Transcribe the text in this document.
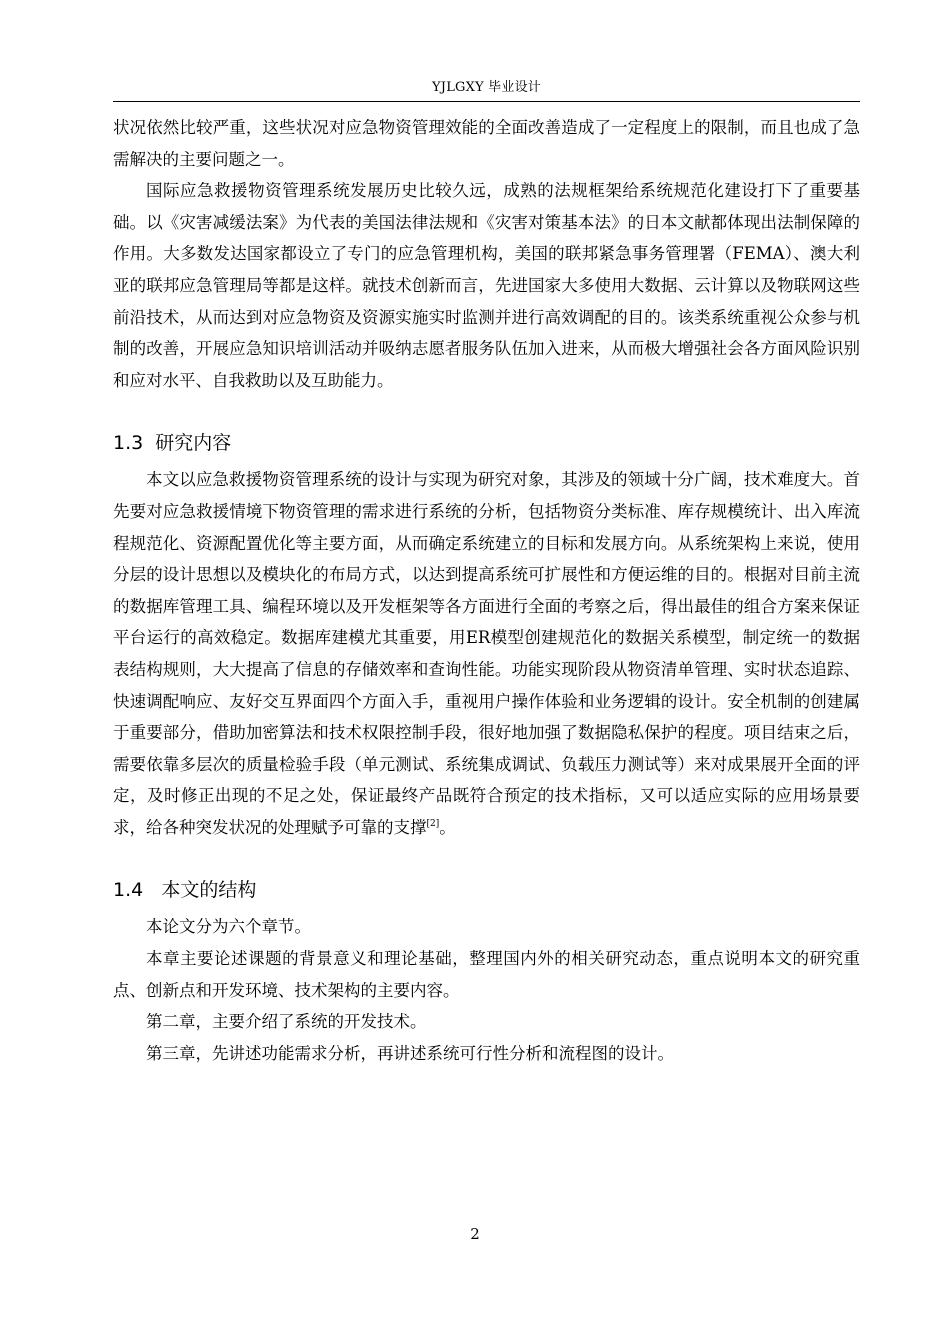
YJLGXY 毕业设计

状况依然比较严重，这些状况对应急物资管理效能的全面改善造成了一定程度上的限制，而且也成了急需解决的主要问题之一。

国际应急救援物资管理系统发展历史比较久远，成熟的法规框架给系统规范化建设打下了重要基础。以《灾害减缓法案》为代表的美国法律法规和《灾害对策基本法》的日本文献都体现出法制保障的作用。大多数发达国家都设立了专门的应急管理机构，美国的联邦紧急事务管理署（FEMA）、澳大利亚的联邦应急管理局等都是这样。就技术创新而言，先进国家大多使用大数据、云计算以及物联网这些前沿技术，从而达到对应急物资及资源实施实时监测并进行高效调配的目的。该类系统重视公众参与机制的改善，开展应急知识培训活动并吸纳志愿者服务队伍加入进来，从而极大增强社会各方面风险识别和应对水平、自我救助以及互助能力。

1.3  研究内容

本文以应急救援物资管理系统的设计与实现为研究对象，其涉及的领域十分广阔，技术难度大。首先要对应急救援情境下物资管理的需求进行系统的分析，包括物资分类标准、库存规模统计、出入库流程规范化、资源配置优化等主要方面，从而确定系统建立的目标和发展方向。从系统架构上来说，使用分层的设计思想以及模块化的布局方式，以达到提高系统可扩展性和方便运维的目的。根据对目前主流的数据库管理工具、编程环境以及开发框架等各方面进行全面的考察之后，得出最佳的组合方案来保证平台运行的高效稳定。数据库建模尤其重要，用ER模型创建规范化的数据关系模型，制定统一的数据表结构规则，大大提高了信息的存储效率和查询性能。功能实现阶段从物资清单管理、实时状态追踪、快速调配响应、友好交互界面四个方面入手，重视用户操作体验和业务逻辑的设计。安全机制的创建属于重要部分，借助加密算法和技术权限控制手段，很好地加强了数据隐私保护的程度。项目结束之后，需要依靠多层次的质量检验手段（单元测试、系统集成调试、负载压力测试等）来对成果展开全面的评定，及时修正出现的不足之处，保证最终产品既符合预定的技术指标，又可以适应实际的应用场景要求，给各种突发状况的处理赋予可靠的支撑[2]。

1.4   本文的结构

本论文分为六个章节。

本章主要论述课题的背景意义和理论基础，整理国内外的相关研究动态，重点说明本文的研究重点、创新点和开发环境、技术架构的主要内容。

第二章，主要介绍了系统的开发技术。

第三章，先讲述功能需求分析，再讲述系统可行性分析和流程图的设计。

2
